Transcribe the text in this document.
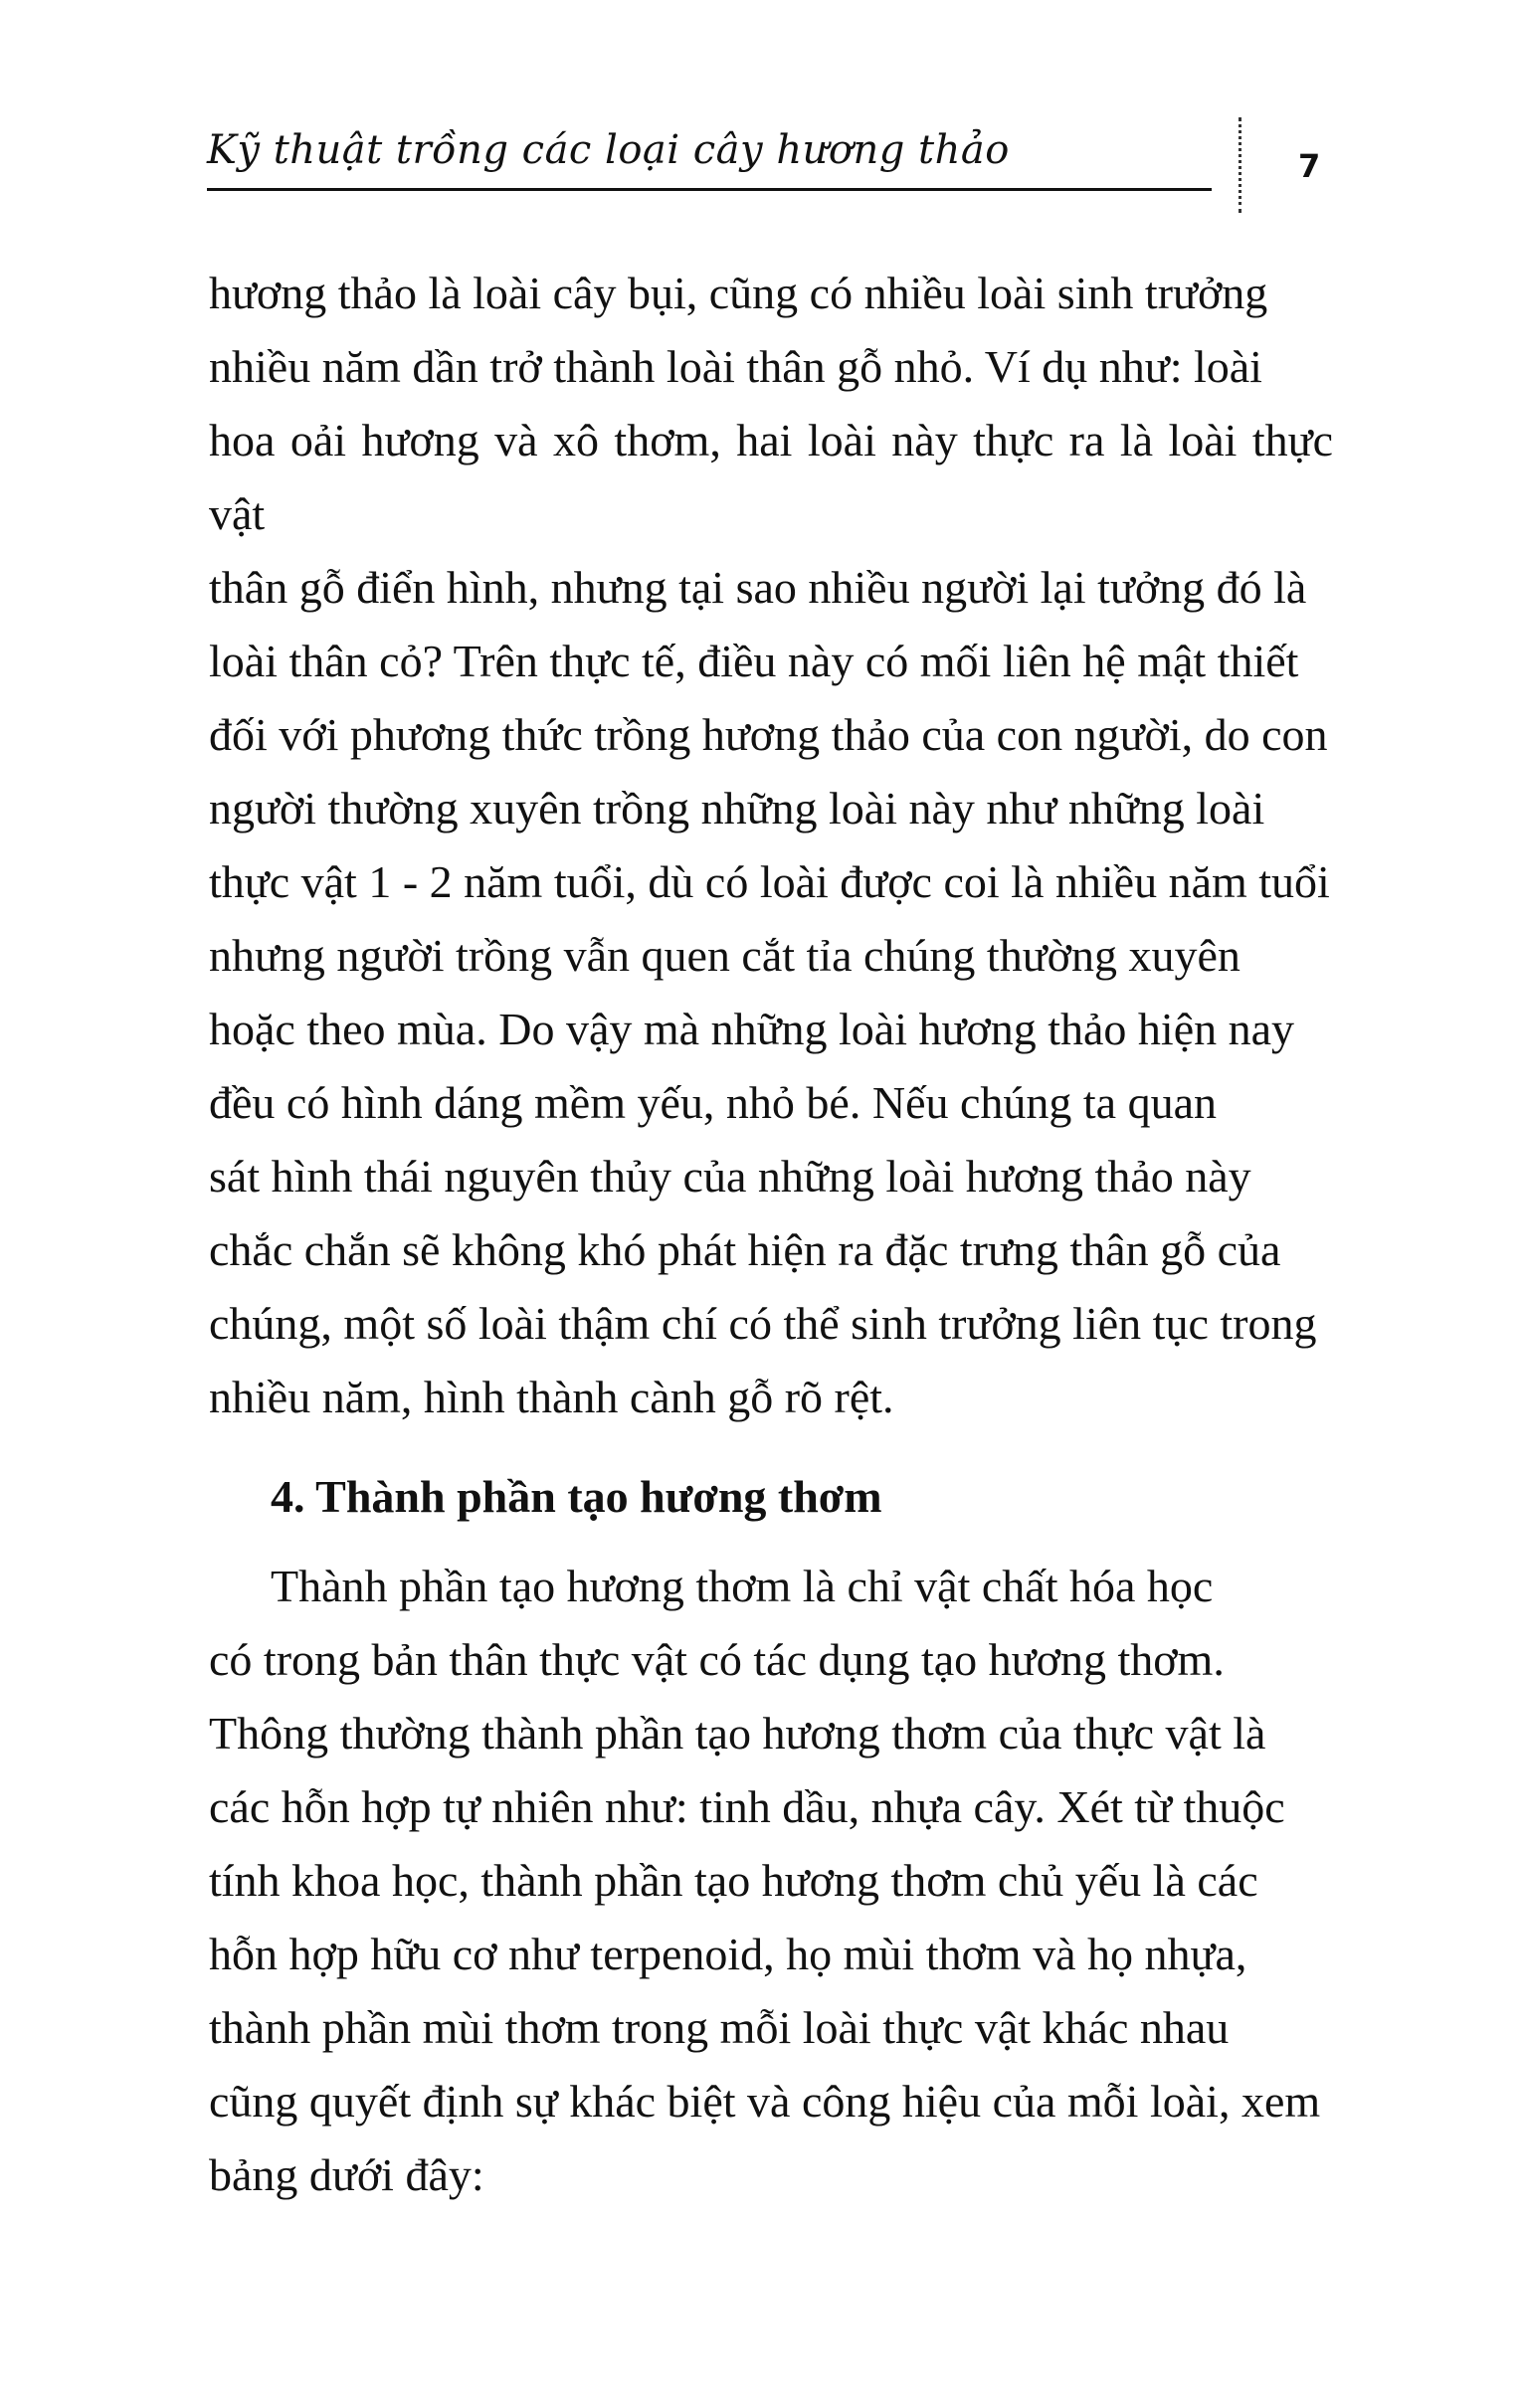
Kỹ thuật trồng các loại cây hương thảo	7

hương thảo là loài cây bụi, cũng có nhiều loài sinh trưởng
nhiều năm dần trở thành loài thân gỗ nhỏ. Ví dụ như: loài
hoa oải hương và xô thơm, hai loài này thực ra là loài thực vật
thân gỗ điển hình, nhưng tại sao nhiều người lại tưởng đó là
loài thân cỏ? Trên thực tế, điều này có mối liên hệ mật thiết
đối với phương thức trồng hương thảo của con người, do con
người thường xuyên trồng những loài này như những loài
thực vật 1 - 2 năm tuổi, dù có loài được coi là nhiều năm tuổi
nhưng người trồng vẫn quen cắt tỉa chúng thường xuyên
hoặc theo mùa. Do vậy mà những loài hương thảo hiện nay
đều có hình dáng mềm yếu, nhỏ bé. Nếu chúng ta quan
sát hình thái nguyên thủy của những loài hương thảo này
chắc chắn sẽ không khó phát hiện ra đặc trưng thân gỗ của
chúng, một số loài thậm chí có thể sinh trưởng liên tục trong
nhiều năm, hình thành cành gỗ rõ rệt.

4. Thành phần tạo hương thơm

Thành phần tạo hương thơm là chỉ vật chất hóa học
có trong bản thân thực vật có tác dụng tạo hương thơm.
Thông thường thành phần tạo hương thơm của thực vật là
các hỗn hợp tự nhiên như: tinh dầu, nhựa cây. Xét từ thuộc
tính khoa học, thành phần tạo hương thơm chủ yếu là các
hỗn hợp hữu cơ như terpenoid, họ mùi thơm và họ nhựa,
thành phần mùi thơm trong mỗi loài thực vật khác nhau
cũng quyết định sự khác biệt và công hiệu của mỗi loài, xem
bảng dưới đây:
